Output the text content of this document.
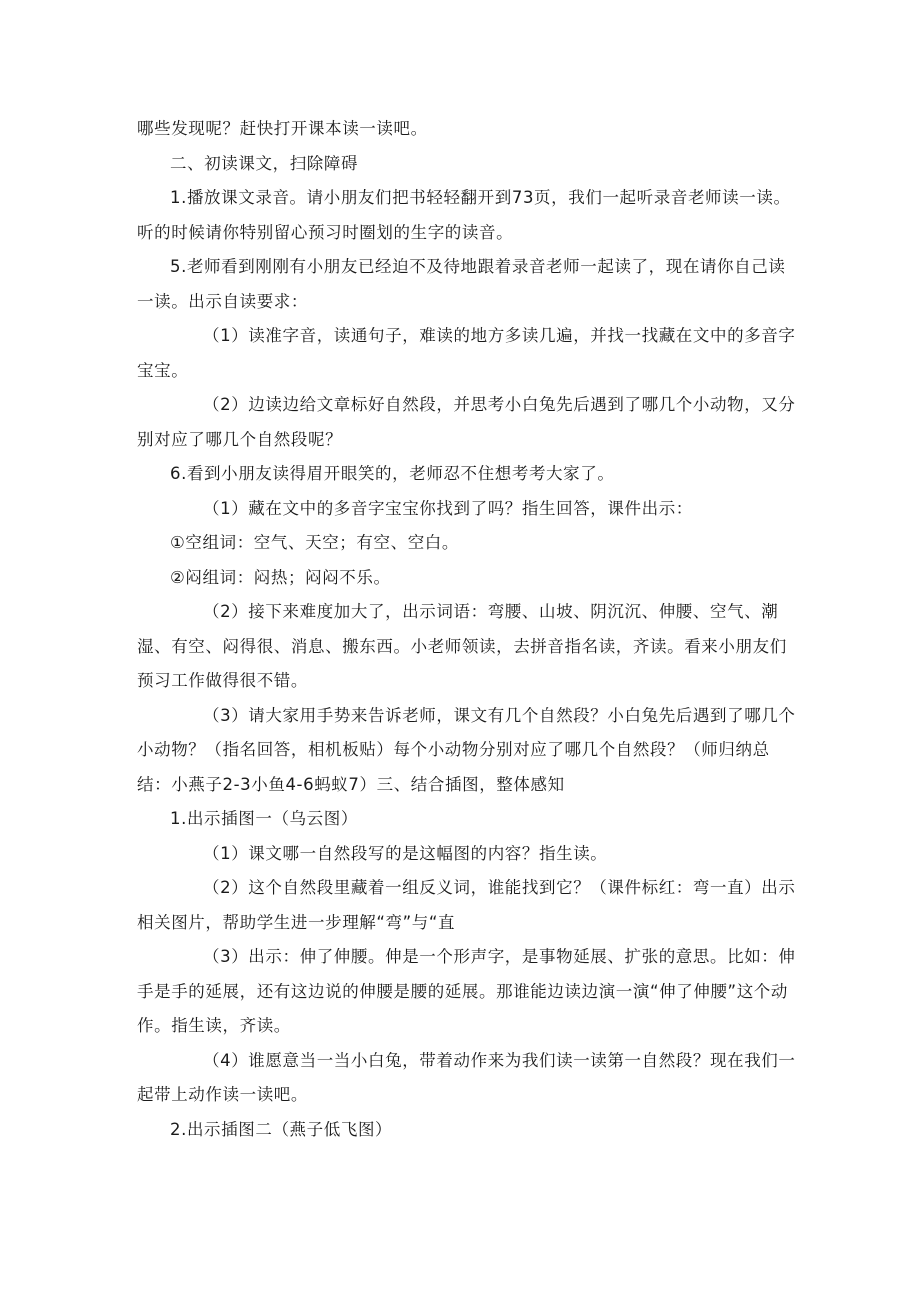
哪些发现呢？赶快打开课本读一读吧。

二、初读课文，扫除障碍

1.播放课文录音。请小朋友们把书轻轻翻开到73页，我们一起听录音老师读一读。听的时候请你特别留心预习时圈划的生字的读音。

5.老师看到刚刚有小朋友已经迫不及待地跟着录音老师一起读了，现在请你自己读一读。出示自读要求：

（1）读准字音，读通句子，难读的地方多读几遍，并找一找藏在文中的多音字宝宝。

（2）边读边给文章标好自然段，并思考小白兔先后遇到了哪几个小动物，又分别对应了哪几个自然段呢？

6.看到小朋友读得眉开眼笑的，老师忍不住想考考大家了。

（1）藏在文中的多音字宝宝你找到了吗？指生回答，课件出示：

①空组词：空气、天空；有空、空白。

②闷组词：闷热；闷闷不乐。

（2）接下来难度加大了，出示词语：弯腰、山坡、阴沉沉、伸腰、空气、潮湿、有空、闷得很、消息、搬东西。小老师领读，去拼音指名读，齐读。看来小朋友们预习工作做得很不错。

（3）请大家用手势来告诉老师，课文有几个自然段？小白兔先后遇到了哪几个小动物？（指名回答，相机板贴）每个小动物分别对应了哪几个自然段？（师归纳总结：小燕子2-3小鱼4-6蚂蚁7）三、结合插图，整体感知

1.出示插图一（乌云图）

（1）课文哪一自然段写的是这幅图的内容？指生读。

（2）这个自然段里藏着一组反义词，谁能找到它？（课件标红：弯一直）出示相关图片，帮助学生进一步理解“弯”与“直

（3）出示：伸了伸腰。伸是一个形声字，是事物延展、扩张的意思。比如：伸手是手的延展，还有这边说的伸腰是腰的延展。那谁能边读边演一演“伸了伸腰”这个动作。指生读，齐读。

（4）谁愿意当一当小白兔，带着动作来为我们读一读第一自然段？现在我们一起带上动作读一读吧。

2.出示插图二（燕子低飞图）
